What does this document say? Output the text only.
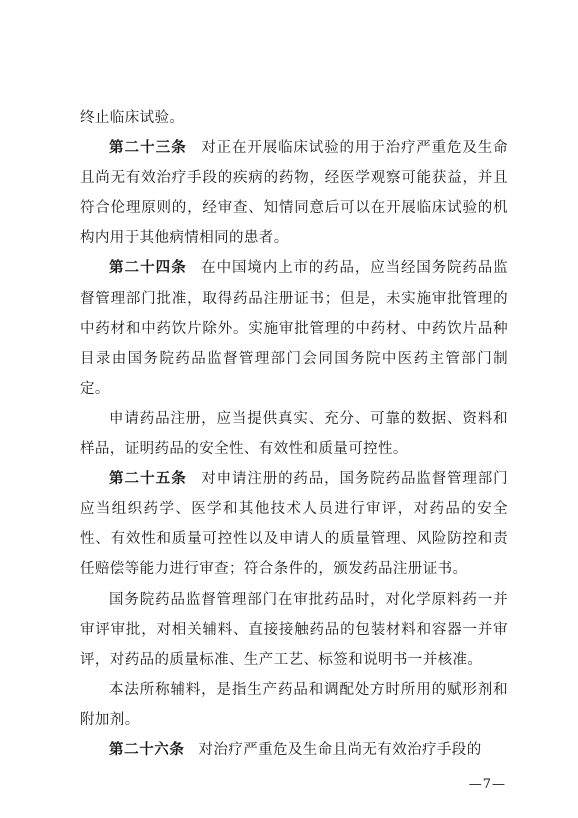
终止临床试验。

第二十三条 对正在开展临床试验的用于治疗严重危及生命且尚无有效治疗手段的疾病的药物，经医学观察可能获益，并且符合伦理原则的，经审查、知情同意后可以在开展临床试验的机构内用于其他病情相同的患者。

第二十四条 在中国境内上市的药品，应当经国务院药品监督管理部门批准，取得药品注册证书；但是，未实施审批管理的中药材和中药饮片除外。实施审批管理的中药材、中药饮片品种目录由国务院药品监督管理部门会同国务院中医药主管部门制定。

申请药品注册，应当提供真实、充分、可靠的数据、资料和样品，证明药品的安全性、有效性和质量可控性。

第二十五条 对申请注册的药品，国务院药品监督管理部门应当组织药学、医学和其他技术人员进行审评，对药品的安全性、有效性和质量可控性以及申请人的质量管理、风险防控和责任赔偿等能力进行审查；符合条件的，颁发药品注册证书。

国务院药品监督管理部门在审批药品时，对化学原料药一并审评审批，对相关辅料、直接接触药品的包装材料和容器一并审评，对药品的质量标准、生产工艺、标签和说明书一并核准。

本法所称辅料，是指生产药品和调配处方时所用的赋形剂和附加剂。

第二十六条 对治疗严重危及生命且尚无有效治疗手段的

—7—
